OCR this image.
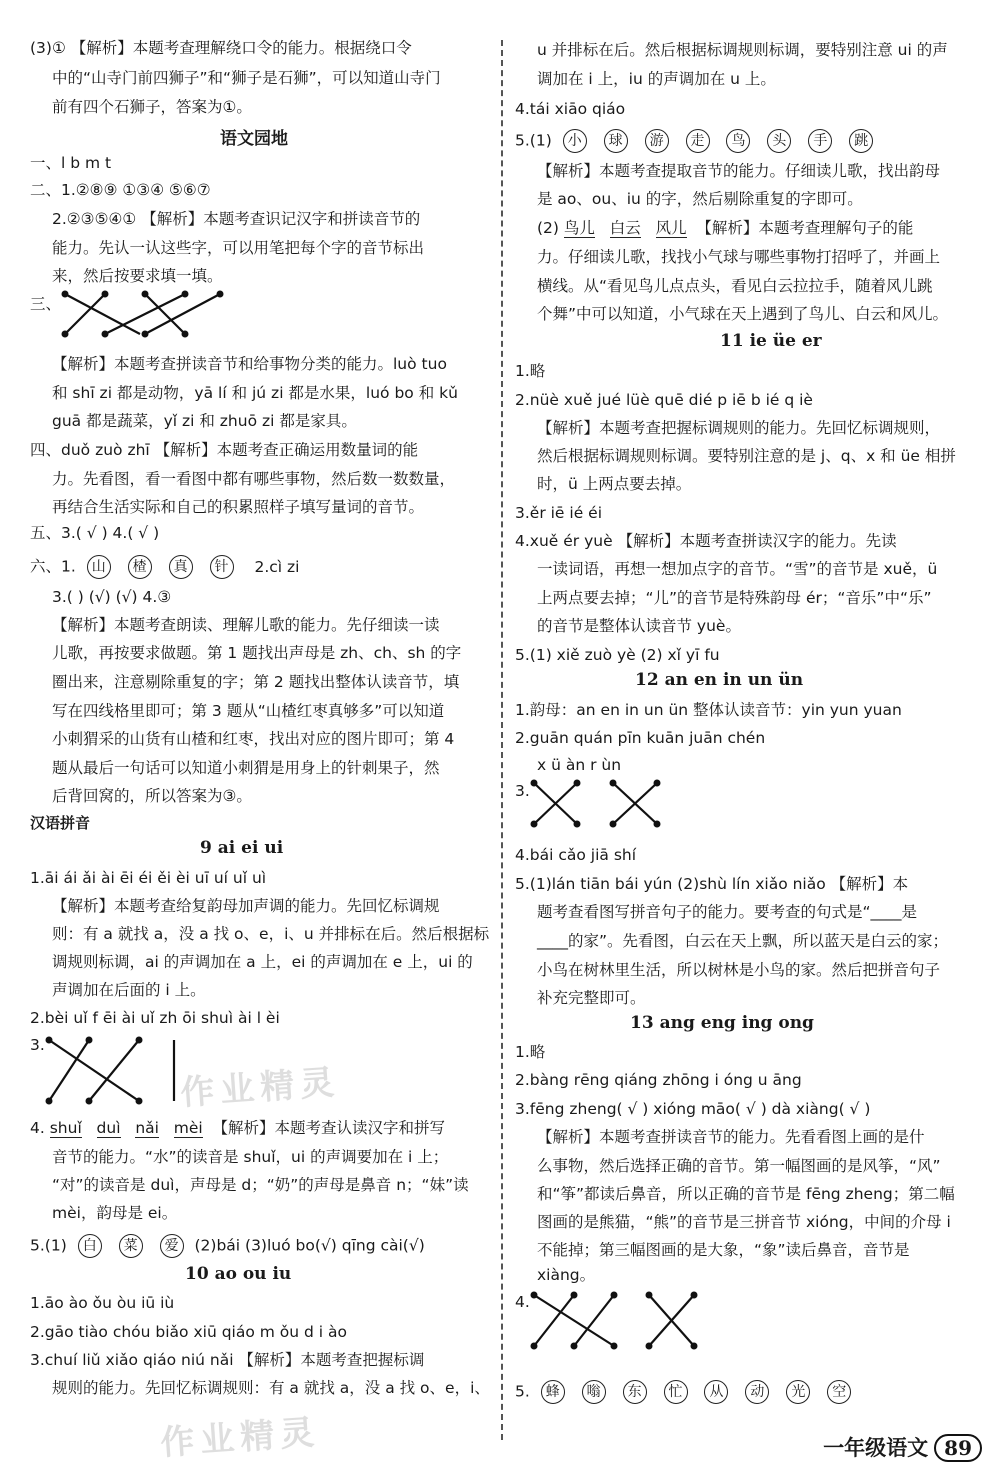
(3)① 【解析】本题考查理解绕口令的能力。根据绕口令
中的“山寺门前四狮子”和“狮子是石狮”，可以知道山寺门
前有四个石狮子，答案为①。
语文园地
一、l b m t
二、1.②⑧⑨ ①③④ ⑤⑥⑦
2.②③⑤④① 【解析】本题考查识记汉字和拼读音节的
能力。先认一认这些字，可以用笔把每个字的音节标出
来，然后按要求填一填。
三、
【解析】本题考查拼读音节和给事物分类的能力。luò tuo
和 shī zi 都是动物，yā lí 和 jú zi 都是水果，luó bo 和 kǔ
guā 都是蔬菜，yǐ zi 和 zhuō zi 都是家具。
四、duǒ zuò zhī 【解析】本题考查正确运用数量词的能
力。先看图，看一看图中都有哪些事物，然后数一数数量，
再结合生活实际和自己的积累照样子填写量词的音节。
五、3.( √ ) 4.( √ )
六、1. 山 楂 真 针 2.cì zi
3.( ) (√) (√) 4.③
【解析】本题考查朗读、理解儿歌的能力。先仔细读一读
儿歌，再按要求做题。第 1 题找出声母是 zh、ch、sh 的字
圈出来，注意剔除重复的字；第 2 题找出整体认读音节，填
写在四线格里即可；第 3 题从“山楂红枣真够多”可以知道
小刺猬采的山货有山楂和红枣，找出对应的图片即可；第 4
题从最后一句话可以知道小刺猬是用身上的针刺果子，然
后背回窝的，所以答案为③。
汉语拼音
9 ai ei ui
1.āi ái ǎi ài ēi éi ěi èi uī uí uǐ uì
【解析】本题考查给复韵母加声调的能力。先回忆标调规
则：有 a 就找 a，没 a 找 o、e，i、u 并排标在后。然后根据标
调规则标调，ai 的声调加在 a 上，ei 的声调加在 e 上，ui 的
声调加在后面的 i 上。
2.bèi uǐ f ēi ài uǐ zh ōi shuì ài l èi
3.
作业精灵
4. shuǐ duì nǎi mèi 【解析】本题考查认读汉字和拼写
音节的能力。“水”的读音是 shuǐ，ui 的声调要加在 i 上；
“对”的读音是 duì，声母是 d；“奶”的声母是鼻音 n；“妹”读
mèi，韵母是 ei。
5.(1) 白 菜 爱 (2)bái (3)luó bo(√) qīng cài(√)
10 ao ou iu
1.āo ào ǒu òu iū iù
2.gāo tiào chóu biǎo xiū qiáo m ǒu d i ào
3.chuí liǔ xiǎo qiáo niú nǎi 【解析】本题考查把握标调
规则的能力。先回忆标调规则：有 a 就找 a，没 a 找 o、e，i、
作业精灵
u 并排标在后。然后根据标调规则标调，要特别注意 ui 的声
调加在 i 上，iu 的声调加在 u 上。
4.tái xiāo qiáo
5.(1) 小 球 游 走 鸟 头 手 跳
【解析】本题考查提取音节的能力。仔细读儿歌，找出韵母
是 ao、ou、iu 的字，然后剔除重复的字即可。
(2) 鸟儿 白云 风儿 【解析】本题考查理解句子的能
力。仔细读儿歌，找找小气球与哪些事物打招呼了，并画上
横线。从“看见鸟儿点点头，看见白云拉拉手，随着风儿跳
个舞”中可以知道，小气球在天上遇到了鸟儿、白云和风儿。
11 ie üe er
1.略
2.nüè xuě jué lüè quē dié p iē b ié q iè
【解析】本题考查把握标调规则的能力。先回忆标调规则，
然后根据标调规则标调。要特别注意的是 j、q、x 和 üe 相拼
时，ü 上两点要去掉。
3.ěr iē ié éi
4.xuě ér yuè 【解析】本题考查拼读汉字的能力。先读
一读词语，再想一想加点字的音节。“雪”的音节是 xuě，ü
上两点要去掉；“儿”的音节是特殊韵母 ér；“音乐”中“乐”
的音节是整体认读音节 yuè。
5.(1) xiě zuò yè (2) xǐ yī fu
12 an en in un ün
1.韵母：an en in un ün 整体认读音节：yin yun yuan
2.guān quán pīn kuān juān chén
x ü àn r ùn
3.
4.bái cǎo jiā shí
5.(1)lán tiān bái yún (2)shù lín xiǎo niǎo 【解析】本
题考查看图写拼音句子的能力。要考查的句式是“____是
____的家”。先看图，白云在天上飘，所以蓝天是白云的家；
小鸟在树林里生活，所以树林是小鸟的家。然后把拼音句子
补充完整即可。
13 ang eng ing ong
1.略
2.bàng rēng qiáng zhōng i óng u āng
3.fēng zheng( √ ) xióng māo( √ ) dà xiàng( √ )
【解析】本题考查拼读音节的能力。先看看图上画的是什
么事物，然后选择正确的音节。第一幅图画的是风筝，“风”
和“筝”都读后鼻音，所以正确的音节是 fēng zheng；第二幅
图画的是熊猫，“熊”的音节是三拼音节 xióng，中间的介母 i
不能掉；第三幅图画的是大象，“象”读后鼻音，音节是
xiàng。
4.
5. 蜂 嗡 东 忙 从 动 光 空
一年级语文 89
